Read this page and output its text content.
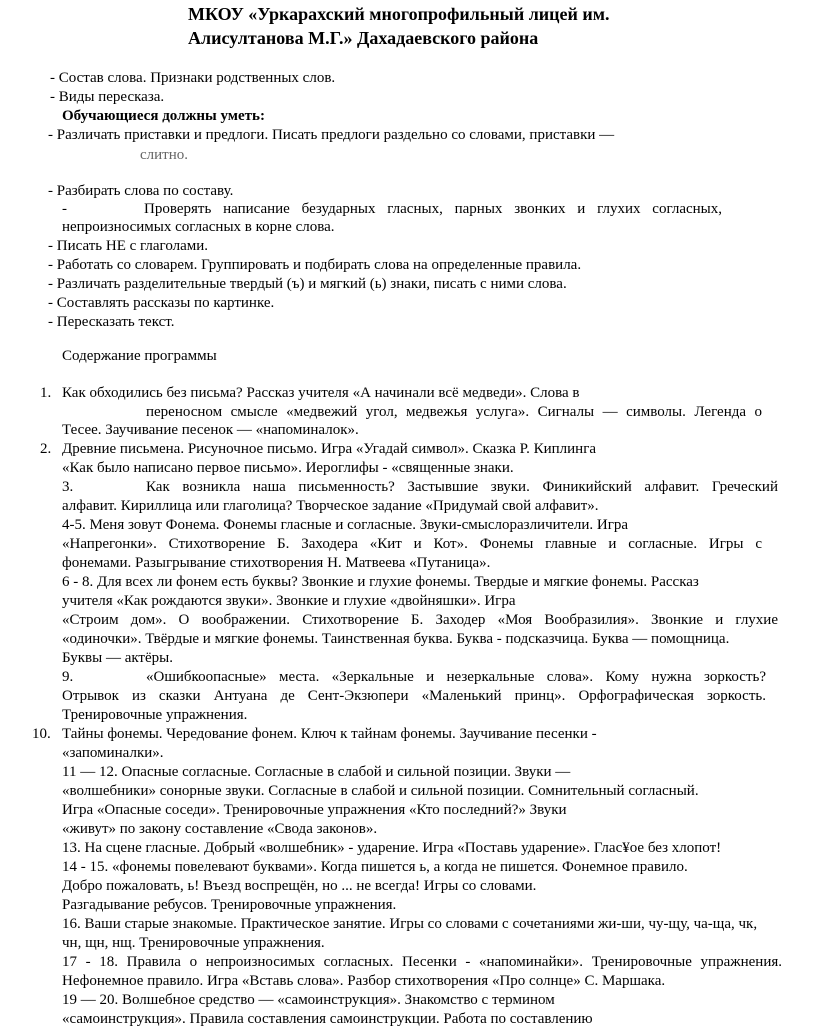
МКОУ «Уркарахский многопрофильный лицей им.
Алисултанова М.Г.» Дахадаевского района
- Состав слова. Признаки родственных слов.
- Виды пересказа.
Обучающиеся должны уметь:
- Различать приставки и предлоги. Писать предлоги раздельно со словами, приставки —
слитно.
- Разбирать слова по составу.
-	Проверять написание безударных гласных, парных звонких и глухих согласных,
непроизносимых согласных в корне слова.
- Писать НЕ с глаголами.
- Работать со словарем. Группировать и подбирать слова на определенные правила.
- Различать разделительные твердый (ъ) и мягкий (ь) знаки, писать с ними слова.
- Составлять рассказы по картинке.
- Пересказать текст.
Содержание программы
1. Как обходились без письма? Рассказ учителя «А начинали всё медведи». Слова в
переносном смысле «медвежий угол, медвежья услуга». Сигналы — символы. Легенда о
Тесее. Заучивание песенок — «напоминалок».
2. Древние письмена. Рисуночное письмо. Игра «Угадай символ». Сказка Р. Киплинга
«Как было написано первое письмо». Иероглифы - «священные знаки.
3.	Как возникла наша письменность? Застывшие звуки. Финикийский алфавит. Греческий
алфавит. Кириллица или глаголица? Творческое задание «Придумай свой алфавит».
4-5. Меня зовут Фонема. Фонемы гласные и согласные. Звуки-смыслоразличители. Игра
«Напрегонки». Стихотворение Б. Заходера «Кит и Кот». Фонемы главные и согласные. Игры с
фонемами. Разыгрывание стихотворения Н. Матвеева «Путаница».
6 - 8. Для всех ли фонем есть буквы? Звонкие и глухие фонемы. Твердые и мягкие фонемы. Рассказ
учителя «Как рождаются звуки». Звонкие и глухие «двойняшки». Игра
«Строим дом». О воображении. Стихотворение Б. Заходер «Моя Вообразилия». Звонкие и глухие
«одиночки». Твёрдые и мягкие фонемы. Таинственная буква. Буква - подсказчица. Буква — помощница.
Буквы — актёры.
9.	«Ошибкоопасные» места. «Зеркальные и незеркальные слова». Кому нужна зоркость?
Отрывок из сказки Антуана де Сент-Экзюпери «Маленький принц». Орфографическая зоркость.
Тренировочные упражнения.
10. Тайны фонемы. Чередование фонем. Ключ к тайнам фонемы. Заучивание песенки -
«запоминалки».
11 — 12. Опасные согласные. Согласные в слабой и сильной позиции. Звуки —
«волшебники» сонорные звуки. Согласные в слабой и сильной позиции. Сомнительный согласный.
Игра «Опасные соседи». Тренировочные упражнения «Кто последний?» Звуки
«живут» по закону составление «Свода законов».
13. На сцене гласные. Добрый «волшебник» - ударение. Игра «Поставь ударение». Глас¥ое без хлопот!
14 - 15. «фонемы повелевают буквами». Когда пишется ь, а когда не пишется. Фонемное правило.
Добро пожаловать, ь! Въезд воспрещён, но ... не всегда! Игры со словами.
Разгадывание ребусов. Тренировочные упражнения.
16. Ваши старые знакомые. Практическое занятие. Игры со словами с сочетаниями жи-ши, чу-щу, ча-ща, чк,
чн, щн, нщ. Тренировочные упражнения.
17 - 18. Правила о непроизносимых согласных. Песенки - «напоминайки». Тренировочные упражнения.
Нефонемное правило. Игра «Вставь слова». Разбор стихотворения «Про солнце» С. Маршака.
19 — 20. Волшебное средство — «самоинструкция». Знакомство с термином
«самоинструкция». Правила составления самоинструкции. Работа по составлению
